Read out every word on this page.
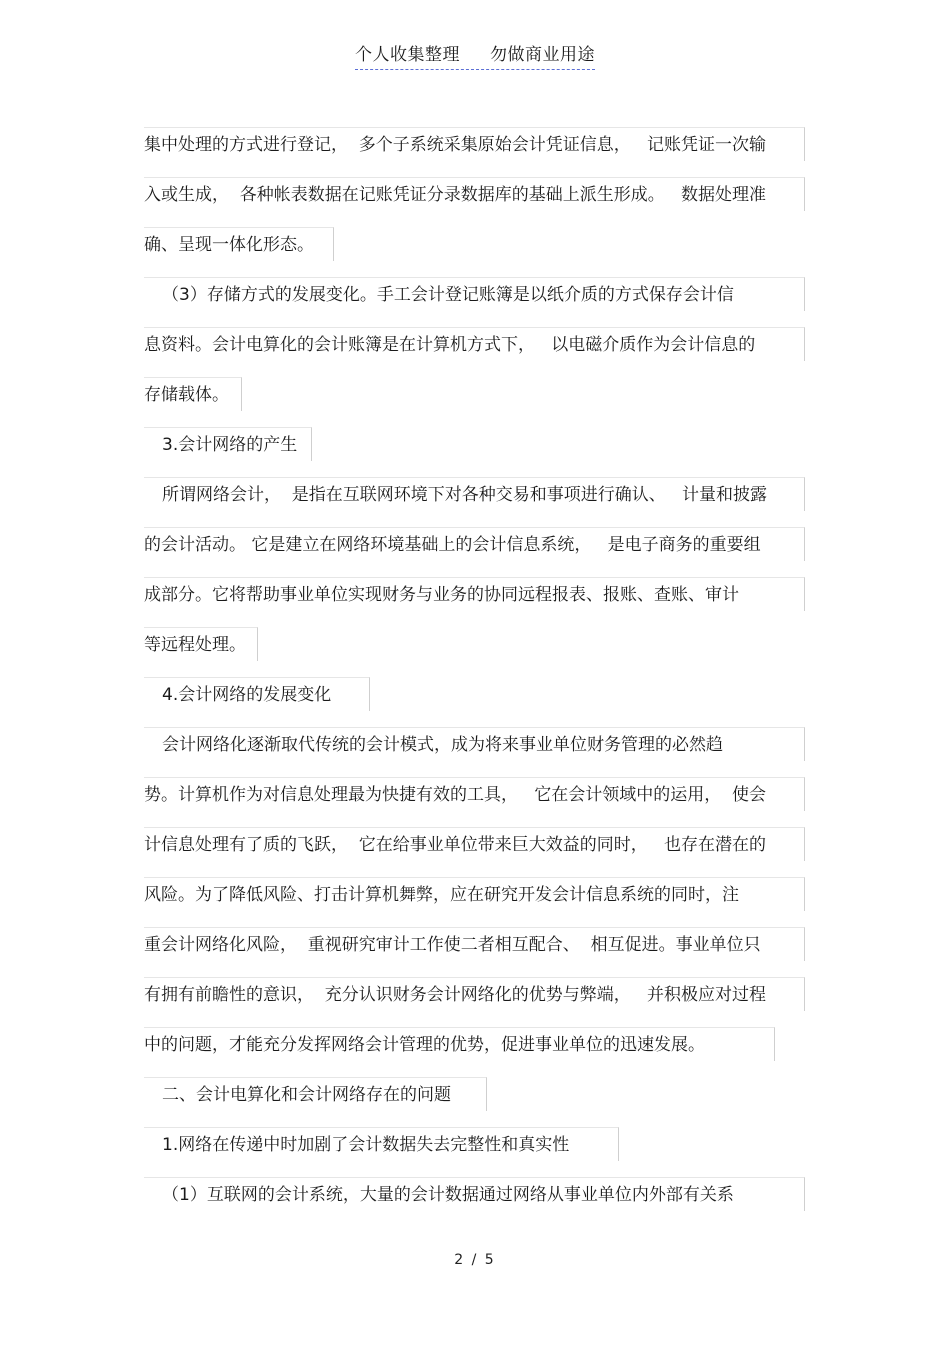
个人收集整理 勿做商业用途
集中处理的方式进行登记，  多个子系统采集原始会计凭证信息，   记账凭证一次输
入或生成，  各种帐表数据在记账凭证分录数据库的基础上派生形成。   数据处理准
确、呈现一体化形态。
（3）存储方式的发展变化。手工会计登记账簿是以纸介质的方式保存会计信
息资料。会计电算化的会计账簿是在计算机方式下，   以电磁介质作为会计信息的
存储载体。
3.会计网络的产生
所谓网络会计，  是指在互联网环境下对各种交易和事项进行确认、   计量和披露
的会计活动。 它是建立在网络环境基础上的会计信息系统，   是电子商务的重要组
成部分。它将帮助事业单位实现财务与业务的协同远程报表、报账、查账、审计
等远程处理。
4.会计网络的发展变化
会计网络化逐渐取代传统的会计模式，成为将来事业单位财务管理的必然趋
势。计算机作为对信息处理最为快捷有效的工具，   它在会计领域中的运用，  使会
计信息处理有了质的飞跃，  它在给事业单位带来巨大效益的同时，   也存在潜在的
风险。为了降低风险、打击计算机舞弊，应在研究开发会计信息系统的同时，注
重会计网络化风险，  重视研究审计工作使二者相互配合、  相互促进。事业单位只
有拥有前瞻性的意识，  充分认识财务会计网络化的优势与弊端，   并积极应对过程
中的问题，才能充分发挥网络会计管理的优势，促进事业单位的迅速发展。
二、会计电算化和会计网络存在的问题
1.网络在传递中时加剧了会计数据失去完整性和真实性
（1）互联网的会计系统，大量的会计数据通过网络从事业单位内外部有关系
2 / 5
